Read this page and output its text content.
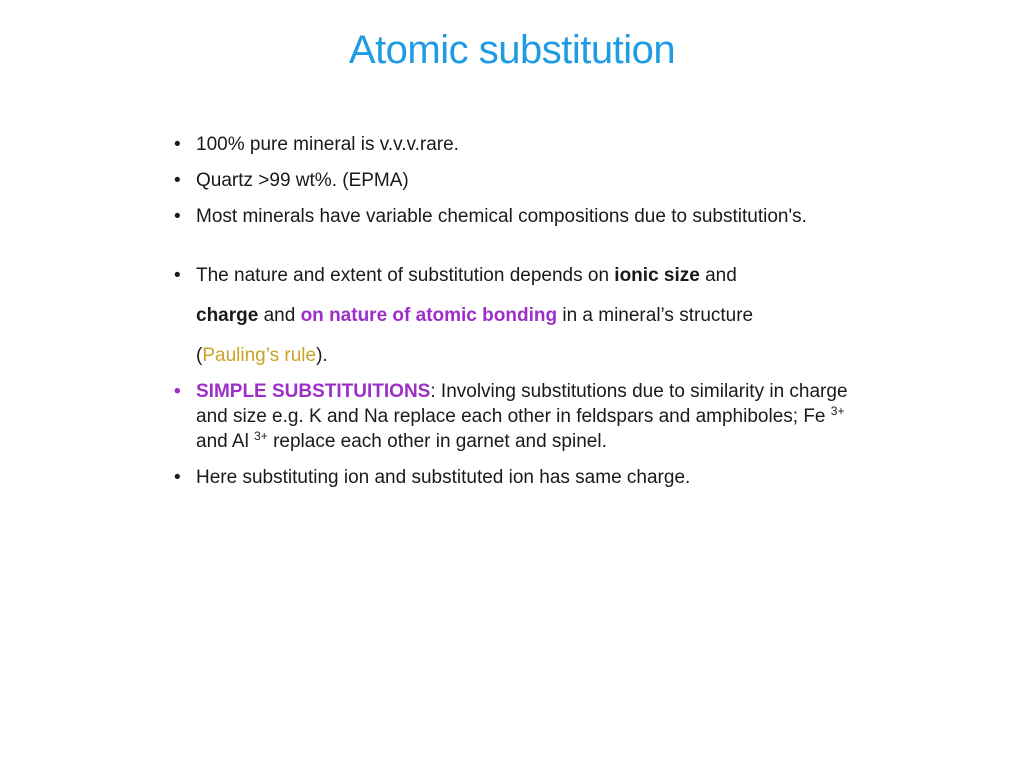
Atomic substitution
• 100% pure mineral is v.v.v.rare.
• Quartz >99 wt%. (EPMA)
• Most minerals have variable chemical compositions due to substitution's.
• The nature and extent of substitution depends on ionic size and
charge and on nature of atomic bonding in a mineral’s structure
(Pauling’s rule).
• SIMPLE SUBSTITUITIONS: Involving substitutions due to similarity in charge and size e.g. K and Na replace each other in feldspars and amphiboles; Fe $^{3+}$ and Al $^{3+}$ replace each other in garnet and spinel.
• Here substituting ion and substituted ion has same charge.
